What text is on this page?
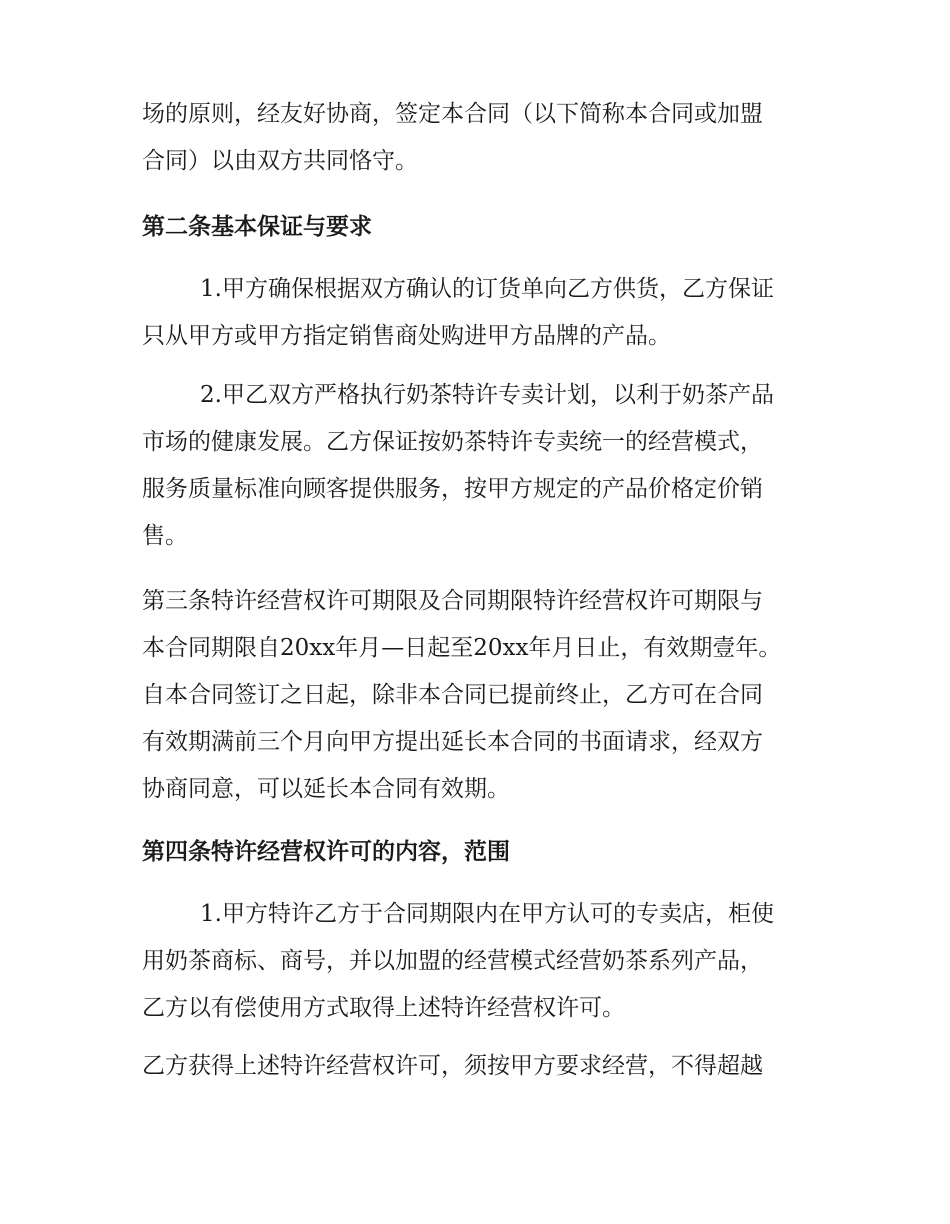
场的原则，经友好协商，签定本合同（以下简称本合同或加盟
合同）以由双方共同恪守。

第二条基本保证与要求

1.甲方确保根据双方确认的订货单向乙方供货，乙方保证
只从甲方或甲方指定销售商处购进甲方品牌的产品。

2.甲乙双方严格执行奶茶特许专卖计划，以利于奶茶产品
市场的健康发展。乙方保证按奶茶特许专卖统一的经营模式，
服务质量标准向顾客提供服务，按甲方规定的产品价格定价销
售。

第三条特许经营权许可期限及合同期限特许经营权许可期限与
本合同期限自20xx年月—日起至20xx年月日止，有效期壹年。
自本合同签订之日起，除非本合同已提前终止，乙方可在合同
有效期满前三个月向甲方提出延长本合同的书面请求，经双方
协商同意，可以延长本合同有效期。

第四条特许经营权许可的内容，范围

1.甲方特许乙方于合同期限内在甲方认可的专卖店，柜使
用奶茶商标、商号，并以加盟的经营模式经营奶茶系列产品，
乙方以有偿使用方式取得上述特许经营权许可。

乙方获得上述特许经营权许可，须按甲方要求经营，不得超越
